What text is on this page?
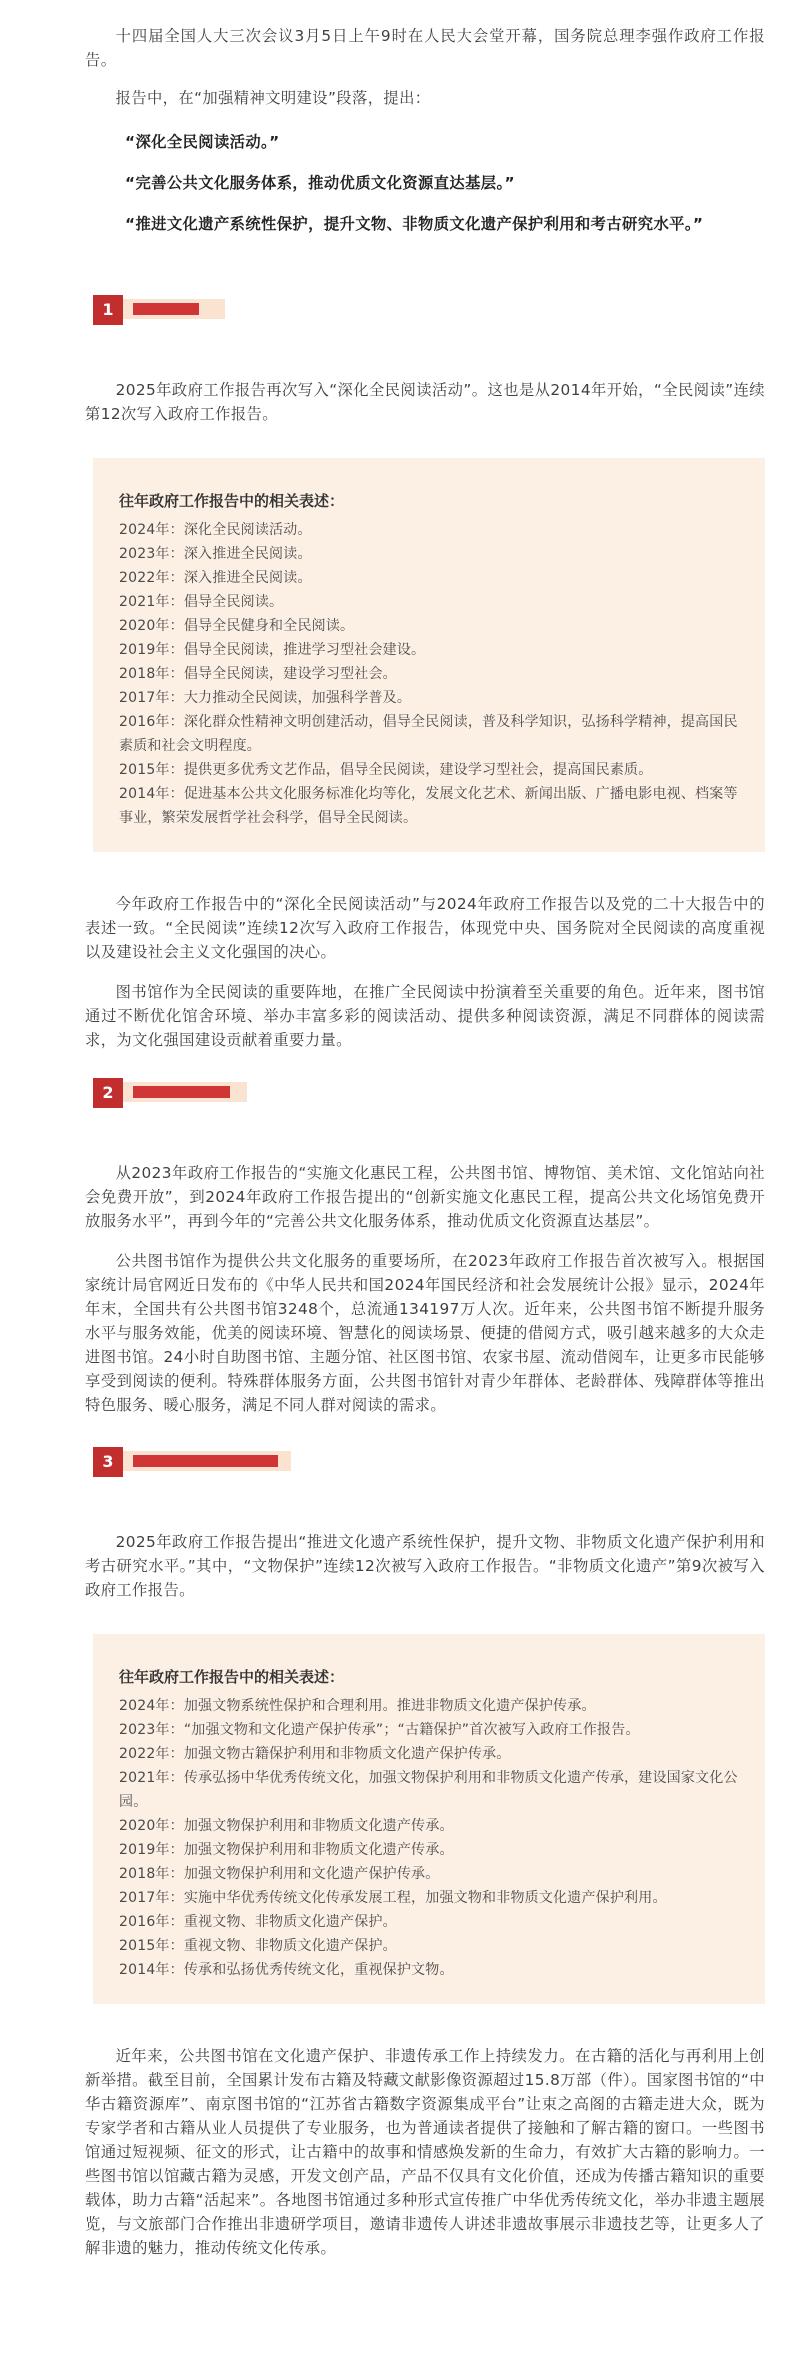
十四届全国人大三次会议3月5日上午9时在人民大会堂开幕，国务院总理李强作政府工作报告。

报告中，在“加强精神文明建设”段落，提出：

“深化全民阅读活动。”

“完善公共文化服务体系，推动优质文化资源直达基层。”

“推进文化遗产系统性保护，提升文物、非物质文化遗产保护利用和考古研究水平。”

1

2025年政府工作报告再次写入“深化全民阅读活动”。这也是从2014年开始，“全民阅读”连续第12次写入政府工作报告。

往年政府工作报告中的相关表述：
2024年 ： 深化全民阅读活动。
2023年 ： 深入推进全民阅读。
2022年 ： 深入推进全民阅读。
2021年 ： 倡导全民阅读。
2020年 ： 倡导全民健身和全民阅读。
2019年 ： 倡导全民阅读，推进学习型社会建设。
2018年 ： 倡导全民阅读，建设学习型社会。
2017年 ： 大力推动全民阅读，加强科学普及。
2016年 ： 深化群众性精神文明创建活动，倡导全民阅读，普及科学知识，弘扬科学精神，提高国民素质和社会文明程度。
2015年 ： 提供更多优秀文艺作品，倡导全民阅读，建设学习型社会，提高国民素质。
2014年 ： 促进基本公共文化服务标准化均等化，发展文化艺术、新闻出版、广播电影电视、档案等事业，繁荣发展哲学社会科学，倡导全民阅读。

今年政府工作报告中的“深化全民阅读活动”与2024年政府工作报告以及党的二十大报告中的表述一致。“全民阅读”连续12次写入政府工作报告，体现党中央、国务院对全民阅读的高度重视以及建设社会主义文化强国的决心。

图书馆作为全民阅读的重要阵地，在推广全民阅读中扮演着至关重要的角色。近年来，图书馆通过不断优化馆舍环境、举办丰富多彩的阅读活动、提供多种阅读资源，满足不同群体的阅读需求，为文化强国建设贡献着重要力量。

2

从2023年政府工作报告的“实施文化惠民工程，公共图书馆、博物馆、美术馆、文化馆站向社会免费开放”，到2024年政府工作报告提出的“创新实施文化惠民工程，提高公共文化场馆免费开放服务水平”，再到今年的“完善公共文化服务体系，推动优质文化资源直达基层”。

公共图书馆作为提供公共文化服务的重要场所，在2023年政府工作报告首次被写入。根据国家统计局官网近日发布的《中华人民共和国2024年国民经济和社会发展统计公报》显示，2024年年末，全国共有公共图书馆3248个，总流通134197万人次。近年来，公共图书馆不断提升服务水平与服务效能，优美的阅读环境、智慧化的阅读场景、便捷的借阅方式，吸引越来越多的大众走进图书馆。24小时自助图书馆、主题分馆、社区图书馆、农家书屋、流动借阅车，让更多市民能够享受到阅读的便利。特殊群体服务方面，公共图书馆针对青少年群体、老龄群体、残障群体等推出特色服务、暖心服务，满足不同人群对阅读的需求。

3

2025年政府工作报告提出“推进文化遗产系统性保护，提升文物、非物质文化遗产保护利用和考古研究水平。”其中，“文物保护”连续12次被写入政府工作报告。“非物质文化遗产”第9次被写入政府工作报告。

往年政府工作报告中的相关表述：
2024年 ： 加强文物系统性保护和合理利用。推进非物质文化遗产保护传承。
2023年 ： “加强文物和文化遗产保护传承”；“古籍保护”首次被写入政府工作报告。
2022年 ： 加强文物古籍保护利用和非物质文化遗产保护传承。
2021年 ： 传承弘扬中华优秀传统文化，加强文物保护利用和非物质文化遗产传承，建设国家文化公园。
2020年 ： 加强文物保护利用和非物质文化遗产传承。
2019年 ： 加强文物保护利用和非物质文化遗产传承。
2018年 ： 加强文物保护利用和文化遗产保护传承。
2017年 ： 实施中华优秀传统文化传承发展工程，加强文物和非物质文化遗产保护利用。
2016年 ： 重视文物、非物质文化遗产保护。
2015年 ： 重视文物、非物质文化遗产保护。
2014年 ： 传承和弘扬优秀传统文化，重视保护文物。

近年来，公共图书馆在文化遗产保护、非遗传承工作上持续发力。在古籍的活化与再利用上创新举措。截至目前，全国累计发布古籍及特藏文献影像资源超过15.8万部（件）。国家图书馆的“中华古籍资源库”、南京图书馆的“江苏省古籍数字资源集成平台”让束之高阁的古籍走进大众，既为专家学者和古籍从业人员提供了专业服务，也为普通读者提供了接触和了解古籍的窗口。一些图书馆通过短视频、征文的形式，让古籍中的故事和情感焕发新的生命力，有效扩大古籍的影响力。一些图书馆以馆藏古籍为灵感，开发文创产品，产品不仅具有文化价值，还成为传播古籍知识的重要载体，助力古籍“活起来”。各地图书馆通过多种形式宣传推广中华优秀传统文化，举办非遗主题展览，与文旅部门合作推出非遗研学项目，邀请非遗传人讲述非遗故事展示非遗技艺等，让更多人了解非遗的魅力，推动传统文化传承。
